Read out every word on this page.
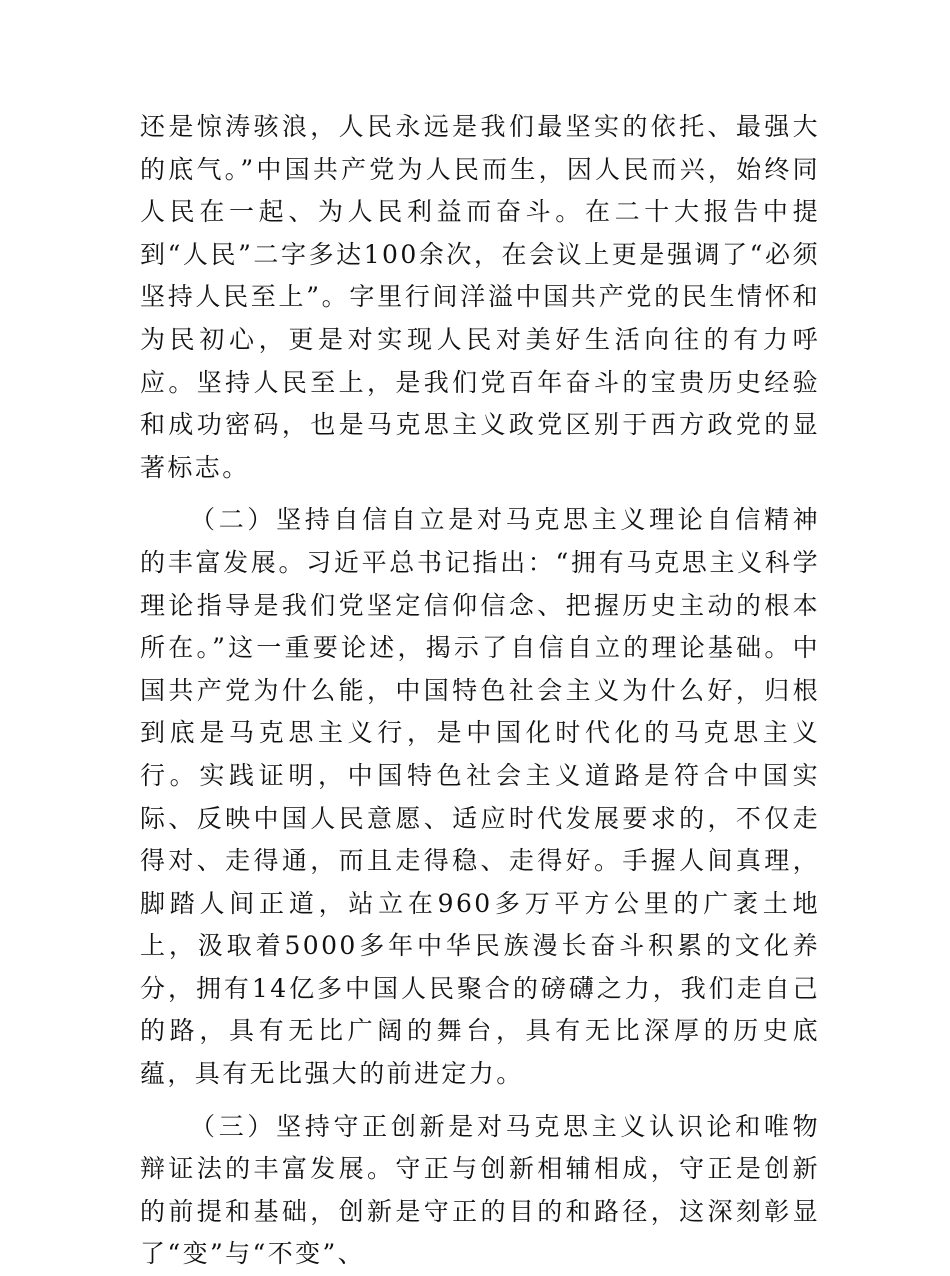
还是惊涛骇浪，人民永远是我们最坚实的依托、最强大的底气。”中国共产党为人民而生，因人民而兴，始终同人民在一起、为人民利益而奋斗。在二十大报告中提到“人民”二字多达100余次，在会议上更是强调了“必须坚持人民至上”。字里行间洋溢中国共产党的民生情怀和为民初心，更是对实现人民对美好生活向往的有力呼应。坚持人民至上，是我们党百年奋斗的宝贵历史经验和成功密码，也是马克思主义政党区别于西方政党的显著标志。

（二）坚持自信自立是对马克思主义理论自信精神的丰富发展。习近平总书记指出：“拥有马克思主义科学理论指导是我们党坚定信仰信念、把握历史主动的根本所在。”这一重要论述，揭示了自信自立的理论基础。中国共产党为什么能，中国特色社会主义为什么好，归根到底是马克思主义行，是中国化时代化的马克思主义行。实践证明，中国特色社会主义道路是符合中国实际、反映中国人民意愿、适应时代发展要求的，不仅走得对、走得通，而且走得稳、走得好。手握人间真理，脚踏人间正道，站立在960多万平方公里的广袤土地上，汲取着5000多年中华民族漫长奋斗积累的文化养分，拥有14亿多中国人民聚合的磅礴之力，我们走自己的路，具有无比广阔的舞台，具有无比深厚的历史底蕴，具有无比强大的前进定力。

（三）坚持守正创新是对马克思主义认识论和唯物辩证法的丰富发展。守正与创新相辅相成，守正是创新的前提和基础，创新是守正的目的和路径，这深刻彰显了“变”与“不变”、
